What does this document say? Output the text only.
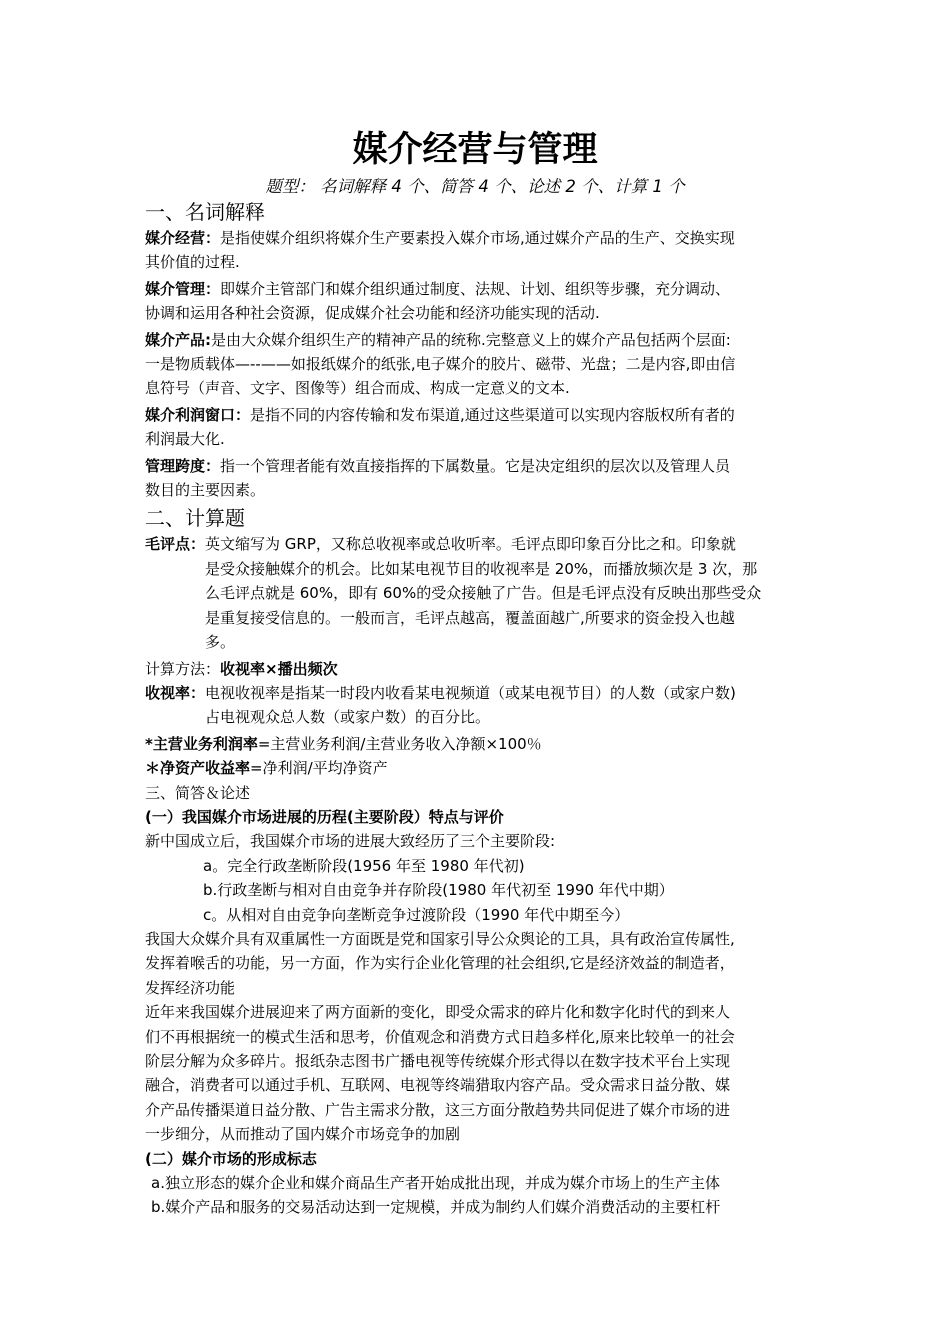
媒介经营与管理
题型： 名词解释 4 个、简答 4 个、论述 2 个、计算 1 个
一、名词解释

媒介经营：是指使媒介组织将媒介生产要素投入媒介市场,通过媒介产品的生产、交换实现
其价值的过程.

媒介管理：即媒介主管部门和媒介组织通过制度、法规、计划、组织等步骤，充分调动、
协调和运用各种社会资源，促成媒介社会功能和经济功能实现的活动.

媒介产品:是由大众媒介组织生产的精神产品的统称.完整意义上的媒介产品包括两个层面:
一是物质载体—--——如报纸媒介的纸张,电子媒介的胶片、磁带、光盘；二是内容,即由信
息符号（声音、文字、图像等）组合而成、构成一定意义的文本.

媒介利润窗口：是指不同的内容传输和发布渠道,通过这些渠道可以实现内容版权所有者的
利润最大化.

管理跨度：指一个管理者能有效直接指挥的下属数量。它是决定组织的层次以及管理人员
数目的主要因素。

二、计算题

毛评点：英文缩写为 GRP，又称总收视率或总收听率。毛评点即印象百分比之和。印象就
是受众接触媒介的机会。比如某电视节目的收视率是 20%，而播放频次是 3 次，那
么毛评点就是 60%，即有 60%的受众接触了广告。但是毛评点没有反映出那些受众
是重复接受信息的。一般而言，毛评点越高，覆盖面越广,所要求的资金投入也越
多。

计算方法：收视率×播出频次

收视率：电视收视率是指某一时段内收看某电视频道（或某电视节目）的人数（或家户数)
占电视观众总人数（或家户数）的百分比。

*主营业务利润率=主营业务利润/主营业务收入净额×100％

＊净资产收益率=净利润/平均净资产

三、简答＆论述

(一）我国媒介市场进展的历程(主要阶段）特点与评价

新中国成立后，我国媒介市场的进展大致经历了三个主要阶段:

a。完全行政垄断阶段(1956 年至 1980 年代初)

b.行政垄断与相对自由竞争并存阶段(1980 年代初至 1990 年代中期）

c。从相对自由竞争向垄断竞争过渡阶段（1990 年代中期至今）

我国大众媒介具有双重属性一方面既是党和国家引导公众舆论的工具，具有政治宣传属性,
发挥着喉舌的功能，另一方面，作为实行企业化管理的社会组织,它是经济效益的制造者，
发挥经济功能

近年来我国媒介进展迎来了两方面新的变化，即受众需求的碎片化和数字化时代的到来人
们不再根据统一的模式生活和思考，价值观念和消费方式日趋多样化,原来比较单一的社会
阶层分解为众多碎片。报纸杂志图书广播电视等传统媒介形式得以在数字技术平台上实现
融合，消费者可以通过手机、互联网、电视等终端猎取内容产品。受众需求日益分散、媒
介产品传播渠道日益分散、广告主需求分散，这三方面分散趋势共同促进了媒介市场的进
一步细分，从而推动了国内媒介市场竞争的加剧

(二）媒介市场的形成标志

a.独立形态的媒介企业和媒介商品生产者开始成批出现，并成为媒介市场上的生产主体

b.媒介产品和服务的交易活动达到一定规模，并成为制约人们媒介消费活动的主要杠杆
